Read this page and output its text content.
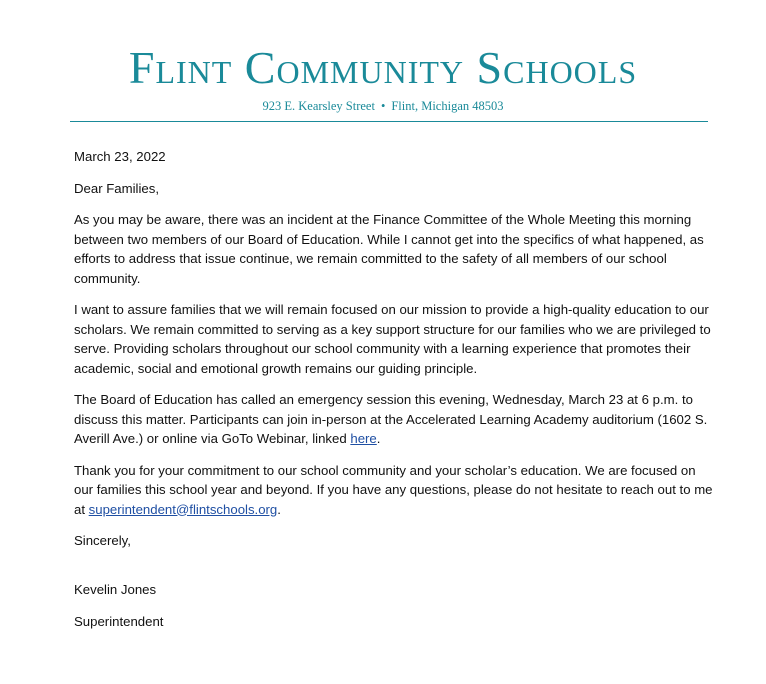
Flint Community Schools
923 E. Kearsley Street • Flint, Michigan 48503

March 23, 2022

Dear Families,

As you may be aware, there was an incident at the Finance Committee of the Whole Meeting this morning between two members of our Board of Education. While I cannot get into the specifics of what happened, as efforts to address that issue continue, we remain committed to the safety of all members of our school community.

I want to assure families that we will remain focused on our mission to provide a high-quality education to our scholars. We remain committed to serving as a key support structure for our families who we are privileged to serve. Providing scholars throughout our school community with a learning experience that promotes their academic, social and emotional growth remains our guiding principle.

The Board of Education has called an emergency session this evening, Wednesday, March 23 at 6 p.m. to discuss this matter. Participants can join in-person at the Accelerated Learning Academy auditorium (1602 S. Averill Ave.) or online via GoTo Webinar, linked here.

Thank you for your commitment to our school community and your scholar’s education. We are focused on our families this school year and beyond. If you have any questions, please do not hesitate to reach out to me at superintendent@flintschools.org.

Sincerely,

Kevelin Jones

Superintendent
